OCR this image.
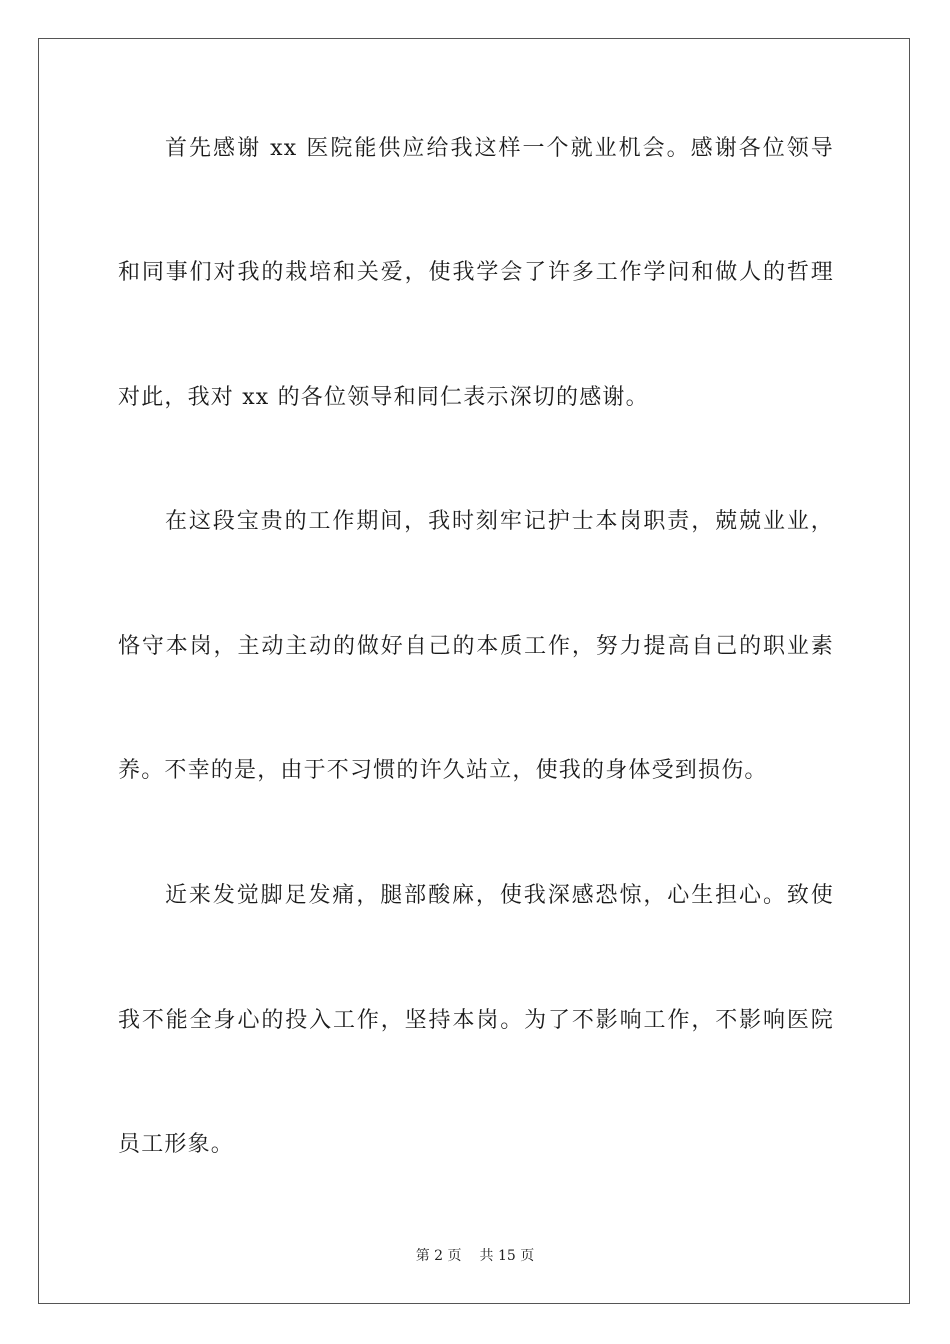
首先感谢 xx 医院能供应给我这样一个就业机会。感谢各位领导
和同事们对我的栽培和关爱，使我学会了许多工作学问和做人的哲理
对此，我对 xx 的各位领导和同仁表示深切的感谢。
在这段宝贵的工作期间，我时刻牢记护士本岗职责，兢兢业业，
恪守本岗，主动主动的做好自己的本质工作，努力提高自己的职业素
养。不幸的是，由于不习惯的许久站立，使我的身体受到损伤。
近来发觉脚足发痛，腿部酸麻，使我深感恐惊，心生担心。致使
我不能全身心的投入工作，坚持本岗。为了不影响工作，不影响医院
员工形象。
第 2 页 共 15 页
